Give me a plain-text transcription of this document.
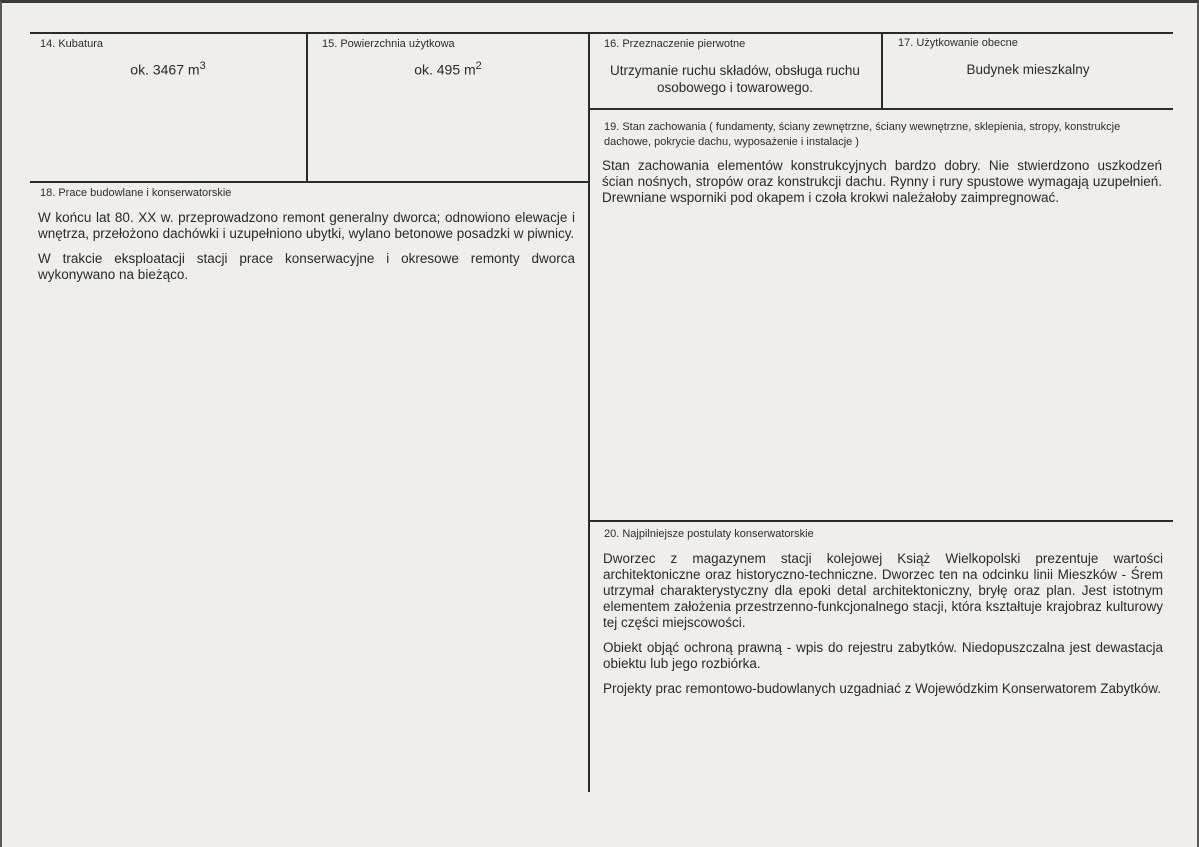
14. Kubatura
ok. 3467 $m^3$
15. Powierzchnia użytkowa
ok. 495 $m^2$
16. Przeznaczenie pierwotne
Utrzymanie ruchu składów, obsługa ruchu osobowego i towarowego.
17. Użytkowanie obecne
Budynek mieszkalny
18. Prace budowlane i konserwatorskie

W końcu lat 80. XX w. przeprowadzono remont generalny dworca; odnowiono elewacje i wnętrza, przełożono dachówki i uzupełniono ubytki, wylano betonowe posadzki w piwnicy.

W trakcie eksploatacji stacji prace konserwacyjne i okresowe remonty dworca wykonywano na bieżąco.

19. Stan zachowania ( fundamenty, ściany zewnętrzne, ściany wewnętrzne, sklepienia, stropy, konstrukcje dachowe, pokrycie dachu, wyposażenie i instalacje )

Stan zachowania elementów konstrukcyjnych bardzo dobry. Nie stwierdzono uszkodzeń ścian nośnych, stropów oraz konstrukcji dachu. Rynny i rury spustowe wymagają uzupełnień. Drewniane wsporniki pod okapem i czoła krokwi należałoby zaimpregnować.

20. Najpilniejsze postulaty konserwatorskie

Dworzec z magazynem stacji kolejowej Książ Wielkopolski prezentuje wartości architektoniczne oraz historyczno-techniczne. Dworzec ten na odcinku linii Mieszków - Śrem utrzymał charakterystyczny dla epoki detal architektoniczny, bryłę oraz plan. Jest istotnym elementem założenia przestrzenno-funkcjonalnego stacji, która kształtuje krajobraz kulturowy tej części miejscowości.

Obiekt objąć ochroną prawną - wpis do rejestru zabytków. Niedopuszczalna jest dewastacja obiektu lub jego rozbiórka.

Projekty prac remontowo-budowlanych uzgadniać z Wojewódzkim Konserwatorem Zabytków.
